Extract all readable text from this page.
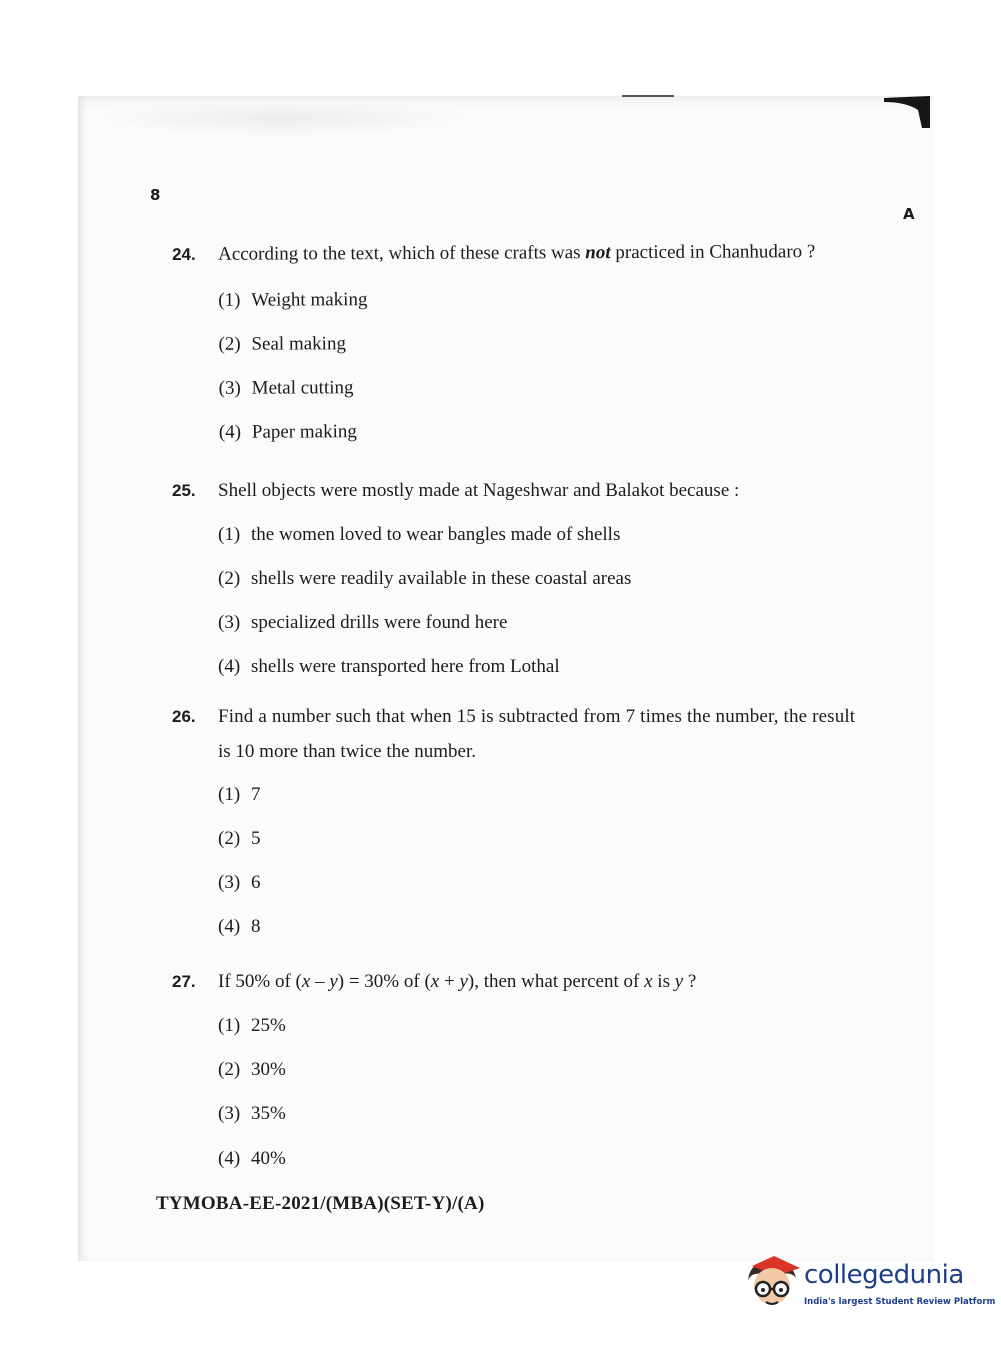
8
A
24. According to the text, which of these crafts was not practiced in Chanhudaro ?
(1) Weight making
(2) Seal making
(3) Metal cutting
(4) Paper making
25. Shell objects were mostly made at Nageshwar and Balakot because :
(1) the women loved to wear bangles made of shells
(2) shells were readily available in these coastal areas
(3) specialized drills were found here
(4) shells were transported here from Lothal
26. Find a number such that when 15 is subtracted from 7 times the number, the result
is 10 more than twice the number.
(1) 7
(2) 5
(3) 6
(4) 8
27. If 50% of (x – y) = 30% of (x + y), then what percent of x is y ?
(1) 25%
(2) 30%
(3) 35%
(4) 40%
TYMOBA-EE-2021/(MBA)(SET-Y)/(A)
collegedunia
India's largest Student Review Platform
